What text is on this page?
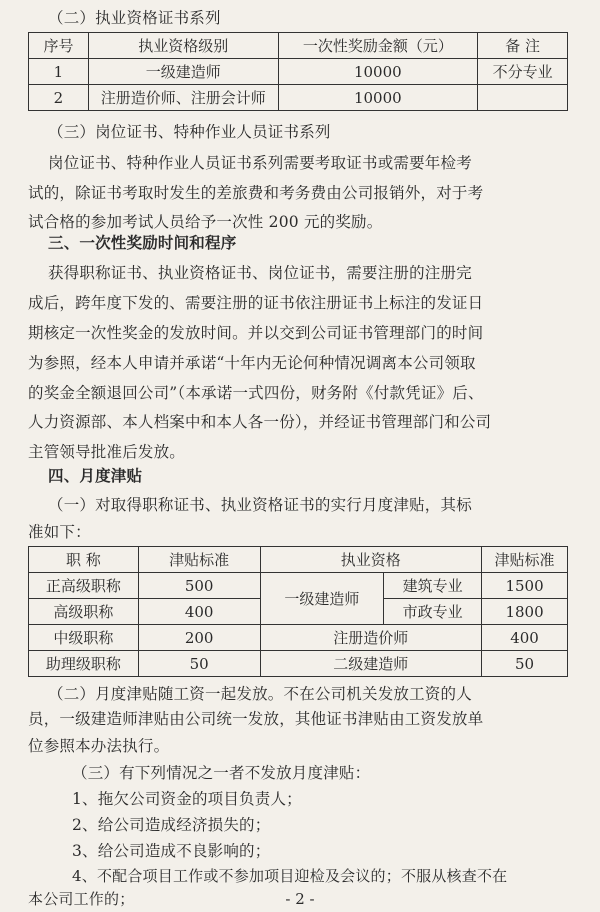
（二）执业资格证书系列
序号	执业资格级别	一次性奖励金额（元）	备 注
1	一级建造师	10000	不分专业
2	注册造价师、注册会计师	10000	
（三）岗位证书、特种作业人员证书系列
岗位证书、特种作业人员证书系列需要考取证书或需要年检考
试的，除证书考取时发生的差旅费和考务费由公司报销外，对于考
试合格的参加考试人员给予一次性 200 元的奖励。
三、一次性奖励时间和程序
获得职称证书、执业资格证书、岗位证书，需要注册的注册完
成后，跨年度下发的、需要注册的证书依注册证书上标注的发证日
期核定一次性奖金的发放时间。并以交到公司证书管理部门的时间
为参照，经本人申请并承诺“十年内无论何种情况调离本公司领取
的奖金全额退回公司”（本承诺一式四份，财务附《付款凭证》后、
人力资源部、本人档案中和本人各一份），并经证书管理部门和公司
主管领导批准后发放。
四、月度津贴
（一）对取得职称证书、执业资格证书的实行月度津贴，其标
准如下：
职 称	津贴标准	执业资格		津贴标准
正高级职称	500	一级建造师	建筑专业	1500
高级职称	400		市政专业	1800
中级职称	200	注册造价师		400
助理级职称	50	二级建造师		50
（二）月度津贴随工资一起发放。不在公司机关发放工资的人
员，一级建造师津贴由公司统一发放，其他证书津贴由工资发放单
位参照本办法执行。
（三）有下列情况之一者不发放月度津贴：
1、拖欠公司资金的项目负责人；
2、给公司造成经济损失的；
3、给公司造成不良影响的；
4、不配合项目工作或不参加项目迎检及会议的；不服从核查不在
本公司工作的；	- 2 -
